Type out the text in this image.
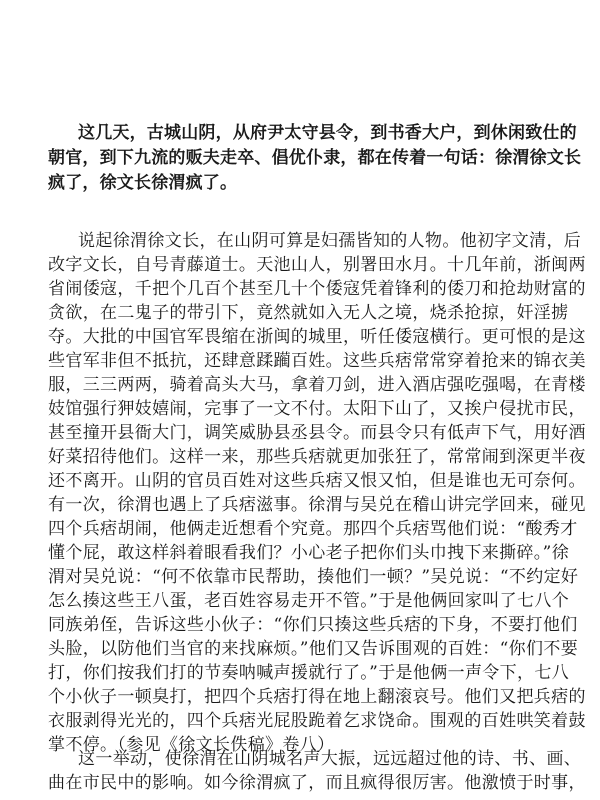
这几天，古城山阴，从府尹太守县令，到书香大户，到休闲致仕的
朝官，到下九流的贩夫走卒、倡优仆隶，都在传着一句话：徐渭徐文长
疯了，徐文长徐渭疯了。
说起徐渭徐文长，在山阴可算是妇孺皆知的人物。他初字文清，后
改字文长，自号青藤道士。天池山人，别署田水月。十几年前，浙闽两
省闹倭寇，千把个几百个甚至几十个倭寇凭着锋利的倭刀和抢劫财富的
贪欲，在二鬼子的带引下，竟然就如入无人之境，烧杀抢掠，奸淫掳
夺。大批的中国官军畏缩在浙闽的城里，听任倭寇横行。更可恨的是这
些官军非但不抵抗，还肆意蹂躏百姓。这些兵痞常常穿着抢来的锦衣美
服，三三两两，骑着高头大马，拿着刀剑，进入酒店强吃强喝，在青楼
妓馆强行狎妓嬉闹，完事了一文不付。太阳下山了，又挨户侵扰市民，
甚至撞开县衙大门，调笑威胁县丞县令。而县令只有低声下气，用好酒
好菜招待他们。这样一来，那些兵痞就更加张狂了，常常闹到深更半夜
还不离开。山阴的官员百姓对这些兵痞又恨又怕，但是谁也无可奈何。
有一次，徐渭也遇上了兵痞滋事。徐渭与吴兑在稽山讲完学回来，碰见
四个兵痞胡闹，他俩走近想看个究竟。那四个兵痞骂他们说：“酸秀才
懂个屁，敢这样斜着眼看我们？小心老子把你们头巾拽下来撕碎。”徐
渭对吴兑说：“何不依靠市民帮助，揍他们一顿？”吴兑说：“不约定好
怎么揍这些王八蛋，老百姓容易走开不管。”于是他俩回家叫了七八个
同族弟侄，告诉这些小伙子：“你们只揍这些兵痞的下身，不要打他们
头脸，以防他们当官的来找麻烦。”他们又告诉围观的百姓：“你们不要
打，你们按我们打的节奏呐喊声援就行了。”于是他俩一声令下，七八
个小伙子一顿臭打，把四个兵痞打得在地上翻滚哀号。他们又把兵痞的
衣服剥得光光的，四个兵痞光屁股跪着乞求饶命。围观的百姓哄笑着鼓
掌不停。（参见《徐文长佚稿》卷八）
这一举动，使徐渭在山阴城名声大振，远远超过他的诗、书、画、
曲在市民中的影响。如今徐渭疯了，而且疯得很厉害。他激愤于时事，
